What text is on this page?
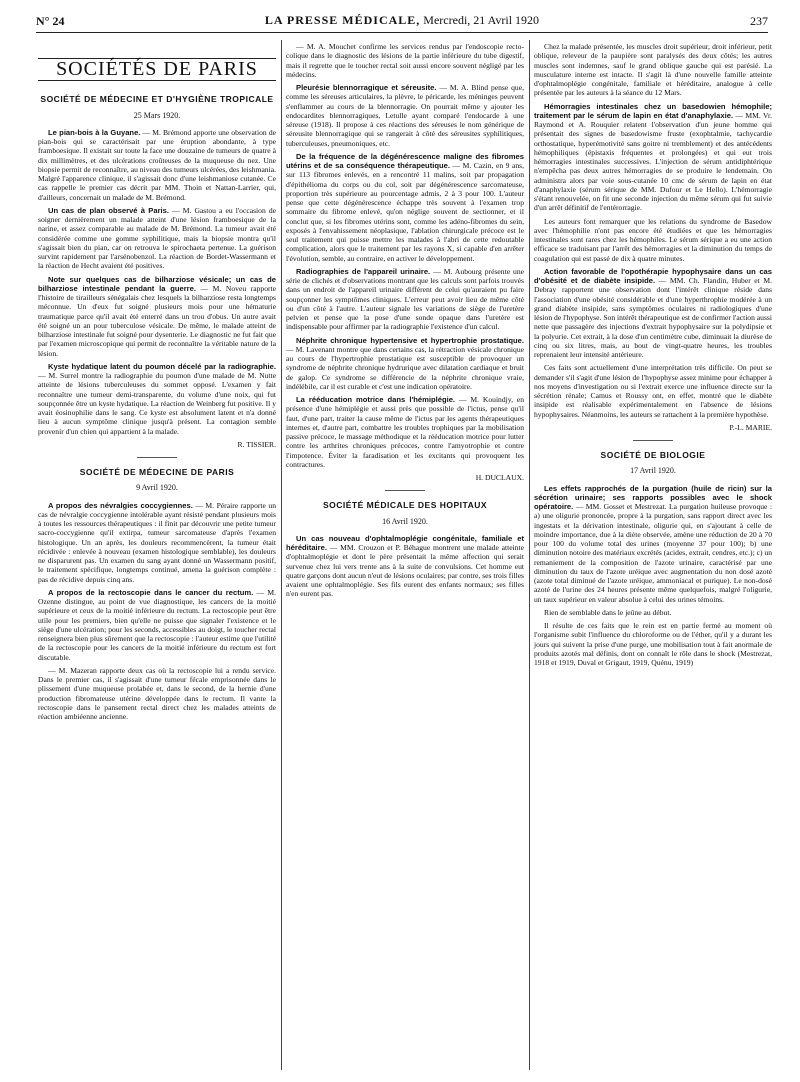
N° 24	LA PRESSE MÉDICALE, Mercredi, 21 Avril 1920	237
SOCIÉTÉS DE PARIS
SOCIÉTÉ DE MÉDECINE ET D'HYGIÈNE TROPICALE
25 Mars 1920.

Le pian-bois à la Guyane. — M. Brémond apporte une observation de pian-bois qui se caractérisait par une éruption abondante, à type framboesique. Il existait sur toute la face une douzaine de tumeurs de quatre à dix millimètres, et des ulcérations croûteuses de la muqueuse du nez. Une biopsie permit de reconnaître, au niveau des tumeurs ulcérées, des leishmania. Malgré l'apparence clinique, il s'agissait donc d'une leishmaniose cutanée. Ce cas rappelle le premier cas décrit par MM. Thoin et Nattan-Larrier, qui, d'ailleurs, concernait un malade de M. Brémond.

Un cas de plan observé à Paris. — M. Gastou a eu l'occasion de soigner dernièrement un malade atteint d'une lésion framboesique de la narine, et assez comparable au malade de M. Brémond. La tumeur avait été considérée comme une gomme syphilitique, mais la biopsie montra qu'il s'agissait bien du pian, car on retrouva le spirochaeta pertenue. La guérison survint rapidement par l'arsénobenzol. La réaction de Bordet-Wassermann et la réaction de Hecht avaient été positives.

Note sur quelques cas de bilharziose vésicale; un cas de bilharziose intestinale pendant la guerre. — M. Noveu rapporte l'histoire de tirailleurs sénégalais chez lesquels la bilharziose resta longtemps méconnue. Un d'eux fut soigné plusieurs mois pour une hématurie traumatique parce qu'il avait été enterré dans un trou d'obus. Un autre avait été soigné un an pour tuberculose vésicale. De même, le malade atteint de bilharziose intestinale fut soigné pour dysenterie. Le diagnostic ne fut fait que par l'examen microscopique qui permit de reconnaître la véritable nature de la lésion.

Kyste hydatique latent du poumon décelé par la radiographie. — M. Surrel montre la radiographie du poumon d'une malade de M. Nutte atteinte de lésions tuberculeuses du sommet opposé. L'examen y fait reconnaître une tumeur demi-transparente, du volume d'une noix, qui fut soupçonnée être un kyste hydatique. La réaction de Weinberg fut positive. Il y avait éosinophilie dans le sang. Ce kyste est absolument latent et n'a donné lieu à aucun symptôme clinique jusqu'à présent. La contagion semble provenir d'un chien qui appartient à la malade.

R. TISSIER.
SOCIÉTÉ DE MÉDECINE DE PARIS
9 Avril 1920.

A propos des névralgies coccygiennes. — M. Péraire rapporte un cas de névralgie coccygienne intolérable ayant résisté pendant plusieurs mois à toutes les ressources thérapeutiques : il finit par découvrir une petite tumeur sacro-coccygienne qu'il extirpa, tumeur sarcomateuse d'après l'examen histologique. Un an après, les douleurs recommencèrent, la tumeur était récidivée : enlevée à nouveau (examen histologique semblable), les douleurs ne disparurent pas. Un examen du sang ayant donné un Wassermann positif, le traitement spécifique, longtemps continué, amena la guérison complète : pas de récidive depuis cinq ans.

A propos de la rectoscopie dans le cancer du rectum. — M. Ozenne distingue, au point de vue diagnostique, les cancers de la moitié supérieure et ceux de la moitié inférieure du rectum. La rectoscopie peut être utile pour les premiers, bien qu'elle ne puisse que signaler l'existence et le siège d'une ulcération; pour les seconds, accessibles au doigt, le toucher rectal renseignera bien plus sûrement que la rectoscopie : l'auteur estime que l'utilité de la rectoscopie pour les cancers de la moitié inférieure du rectum est fort discutable.

— M. Mazeran rapporte deux cas où la rectoscopie lui a rendu service. Dans le premier cas, il s'agissait d'une tumeur fécale emprisonnée dans le plissement d'une muqueuse prolabée et, dans le second, de la hernie d'une production fibromateuse utérine développée dans le rectum. Il vante la rectoscopie dans le pansement rectal direct chez les malades atteints de réaction ambiéenne ancienne.

— M. A. Mouchet confirme les services rendus par l'endoscopie recto-colique dans le diagnostic des lésions de la partie inférieure du tube digestif, mais il regrette que le toucher rectal soit aussi encore souvent négligé par les médecins.

Pleurésie blennorragique et séreusite. — M. A. Blind pense que, comme les séreuses articulaires, la plèvre, le péricarde, les méninges peuvent s'enflammer au cours de la blennorragie. On pourrait même y ajouter les endocardites blennorragiques, Letulle ayant comparé l'endocarde à une séreuse (1918). Il propose à ces réactions des séreuses le nom générique de séreusite blennorragique qui se rangerait à côté des séreusites syphilitiques, tuberculeuses, pneumoniques, etc.

De la fréquence de la dégénérescence maligne des fibromes utérins et de sa conséquence thérapeutique. — M. Cazin, en 9 ans, sur 113 fibromes enlevés, en a rencontré 11 malins, soit par propagation d'épithélioma du corps ou du col, soit par dégénérescence sarcomateuse, proportion très supérieure au pourcentage admis, 2 à 3 pour 100. L'auteur pense que cette dégénérescence échappe très souvent à l'examen trop sommaire du fibrome enlevé, qu'on néglige souvent de sectionner, et il conclut que, si les fibromes utérins sont, comme les adéno-fibromes du sein, exposés à l'envahissement néoplasique, l'ablation chirurgicale précoce est le seul traitement qui puisse mettre les malades à l'abri de cette redoutable complication, alors que le traitement par les rayons X, si capable d'en arrêter l'évolution, semble, au contraire, en activer le développement.

Radiographies de l'appareil urinaire. — M. Aubourg présente une série de clichés et d'observations montrant que les calculs sont parfois trouvés dans un endroit de l'appareil urinaire différent de celui qu'auraient pu faire soupçonner les symptômes cliniques. L'erreur peut avoir lieu de même côté ou d'un côté à l'autre. L'auteur signale les variations de siège de l'uretère pelvien et pense que la pose d'une sonde opaque dans l'uretère est indispensable pour affirmer par la radiographie l'existence d'un calcul.

Néphrite chronique hypertensive et hypertrophie prostatique. — M. Lavenant montre que dans certains cas, la rétraction vésicale chronique au cours de l'hypertrophie prostatique est susceptible de provoquer un syndrome de néphrite chronique hydrurique avec dilatation cardiaque et bruit de galop. Ce syndrome se différencie de la néphrite chronique vraie, indélébile, car il est curable et c'est une indication opératoire.

La rééducation motrice dans l'hémiplégie. — M. Kouindjy, en présence d'une hémiplégie et aussi près que possible de l'ictus, pense qu'il faut, d'une part, traiter la cause même de l'ictus par les agents thérapeutiques internes et, d'autre part, combattre les troubles trophiques par la mobilisation passive précoce, le massage méthodique et la rééducation motrice pour lutter contre les arthrites chroniques précoces, contre l'amyotrophie et contre l'impotence. Éviter la faradisation et les excitants qui provoquent les contractures.

H. DUCLAUX.
SOCIÉTÉ MÉDICALE DES HOPITAUX
16 Avril 1920.

Un cas nouveau d'ophtalmoplégie congénitale, familiale et héréditaire. — MM. Crouzon et P. Béhague montrent une malade atteinte d'ophtalmoplégie et dont le père présentait la même affection qui serait survenue chez lui vers trente ans à la suite de convulsions. Cet homme eut quatre garçons dont aucun n'eut de lésions oculaires; par contre, ses trois filles avaient une ophtalmoplégie. Ses fils eurent des enfants normaux; ses filles n'en eurent pas.

Chez la malade présentée, les muscles droit supérieur, droit inférieur, petit oblique, releveur de la paupière sont paralysés des deux côtés; les autres muscles sont indemnes, sauf le grand oblique gauche qui est parésié. La musculature interne est intacte. Il s'agit là d'une nouvelle famille atteinte d'ophtalmoplégie congénitale, familiale et héréditaire, analogue à celle présentée par les auteurs à la séance du 12 Mars.

Hémorragies intestinales chez un basedowien hémophile; traitement par le sérum de lapin en état d'anaphylaxie. — MM. Vr. Raymond et A. Rouquier relatent l'observation d'un jeune homme qui présentait des signes de basedowisme fruste (exophtalmie, tachycardie orthostatique, hyperémotivité sans goitre ni tremblement) et des antécédents hémophiliques (épistaxis fréquentes et prolongées) et qui eut trois hémorragies intestinales successives. L'injection de sérum antidiphtérique n'empêcha pas deux autres hémorragies de se produire le lendemain. On administra alors par voie sous-cutanée 10 cmc de sérum de lapin en état d'anaphylaxie (sérum sérique de MM. Dufour et Le Hello). L'hémorragie s'étant renouvelée, on fit une seconde injection du même sérum qui fut suivie d'un arrêt définitif de l'entérorragie.

Les auteurs font remarquer que les relations du syndrome de Basedow avec l'hémophilie n'ont pas encore été étudiées et que les hémorragies intestinales sont rares chez les hémophiles. Le sérum sérique a eu une action efficace se traduisant par l'arrêt des hémorragies et la diminution du temps de coagulation qui est passé de dix à quatre minutes.

Action favorable de l'opothérapie hypophysaire dans un cas d'obésité et de diabète insipide. — MM. Ch. Flandin, Huber et M. Debray rapportent une observation dont l'intérêt clinique réside dans l'association d'une obésité considérable et d'une hyperthrophie modérée à un grand diabète insipide, sans symptômes oculaires ni radiologiques d'une lésion de l'hypophyse. Son intérêt thérapeutique est de confirmer l'action aussi nette que passagère des injections d'extrait hypophysaire sur la polydipsie et la polyurie. Cet extrait, à la dose d'un centimètre cube, diminuait la diurèse de cinq ou six litres, mais, au bout de vingt-quatre heures, les troubles reprenaient leur intensité antérieure.

Ces faits sont actuellement d'une interprétation très difficile. On peut se demander s'il s'agit d'une lésion de l'hypophyse assez minime pour échapper à nos moyens d'investigation ou si l'extrait exerce une influence directe sur la sécrétion rénale; Camus et Roussy ont, en effet, montré que le diabète insipide est réalisable expérimentalement en l'absence de lésions hypophysaires. Néanmoins, les auteurs se rattachent à la première hypothèse.

P.-L. MARIE.
SOCIÉTÉ DE BIOLOGIE
17 Avril 1920.

Les effets rapprochés de la purgation (huile de ricin) sur la sécrétion urinaire; ses rapports possibles avec le shock opératoire. — MM. Gosset et Mestrezat. La purgation huileuse provoque : a) une oligurie prononcée, propre à la purgation, sans rapport direct avec les ingestats et la dérivation intestinale, oligurie qui, en s'ajoutant à celle de moindre importance, due à la diète observée, amène une réduction de 20 à 70 pour 100 du volume total des urines (moyenne 37 pour 100); b) une diminution notoire des matériaux excrétés (acides, extrait, cendres, etc.); c) un remaniement de la composition de l'azote urinaire, caractérisé par une diminution du taux de l'azote uréique avec augmentation du non dosé azoté (azote total diminué de l'azote uréique, ammoniacal et purique). Le non-dosé azoté de l'urine des 24 heures présente même quelquefois, malgré l'oligurie, un taux supérieur en valeur absolue à celui des urines témoins.

Rien de semblable dans le jeûne au début.

Il résulte de ces faits que le rein est en partie fermé au moment où l'organisme subit l'influence du chloroforme ou de l'éther, qu'il y a durant les jours qui suivent la prise d'une purge, une mobilisation tout à fait anormale de produits azotés mal définis, dont on connaît le rôle dans le shock (Mestrezat, 1918 et 1919, Duval et Grigaut, 1919, Quénu, 1919)
